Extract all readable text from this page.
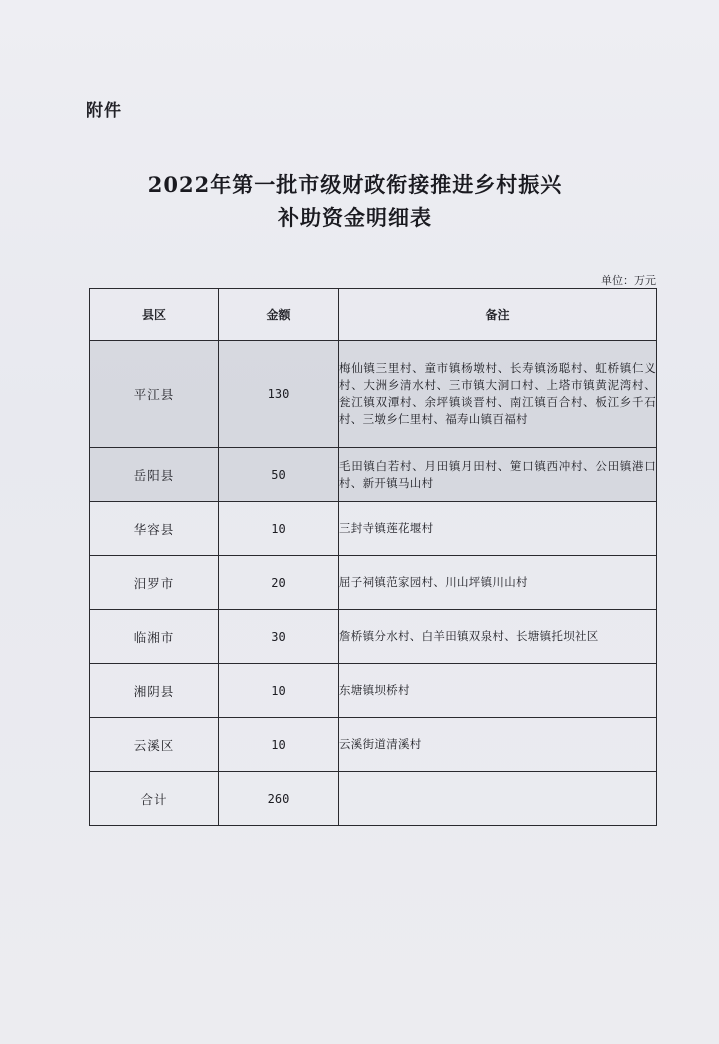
附件
2022年第一批市级财政衔接推进乡村振兴
补助资金明细表
单位：万元
县区	金额	备注
平江县	130	梅仙镇三里村、童市镇杨墩村、长寿镇汤聪村、虹桥镇仁义村、大洲乡清水村、三市镇大洞口村、上塔市镇黄泥湾村、瓮江镇双潭村、余坪镇谈晋村、南江镇百合村、板江乡千石村、三墩乡仁里村、福寿山镇百福村
岳阳县	50	毛田镇白若村、月田镇月田村、筻口镇西冲村、公田镇港口村、新开镇马山村
华容县	10	三封寺镇莲花堰村
汨罗市	20	屈子祠镇范家园村、川山坪镇川山村
临湘市	30	詹桥镇分水村、白羊田镇双泉村、长塘镇托坝社区
湘阴县	10	东塘镇坝桥村
云溪区	10	云溪街道清溪村
合计	260	
